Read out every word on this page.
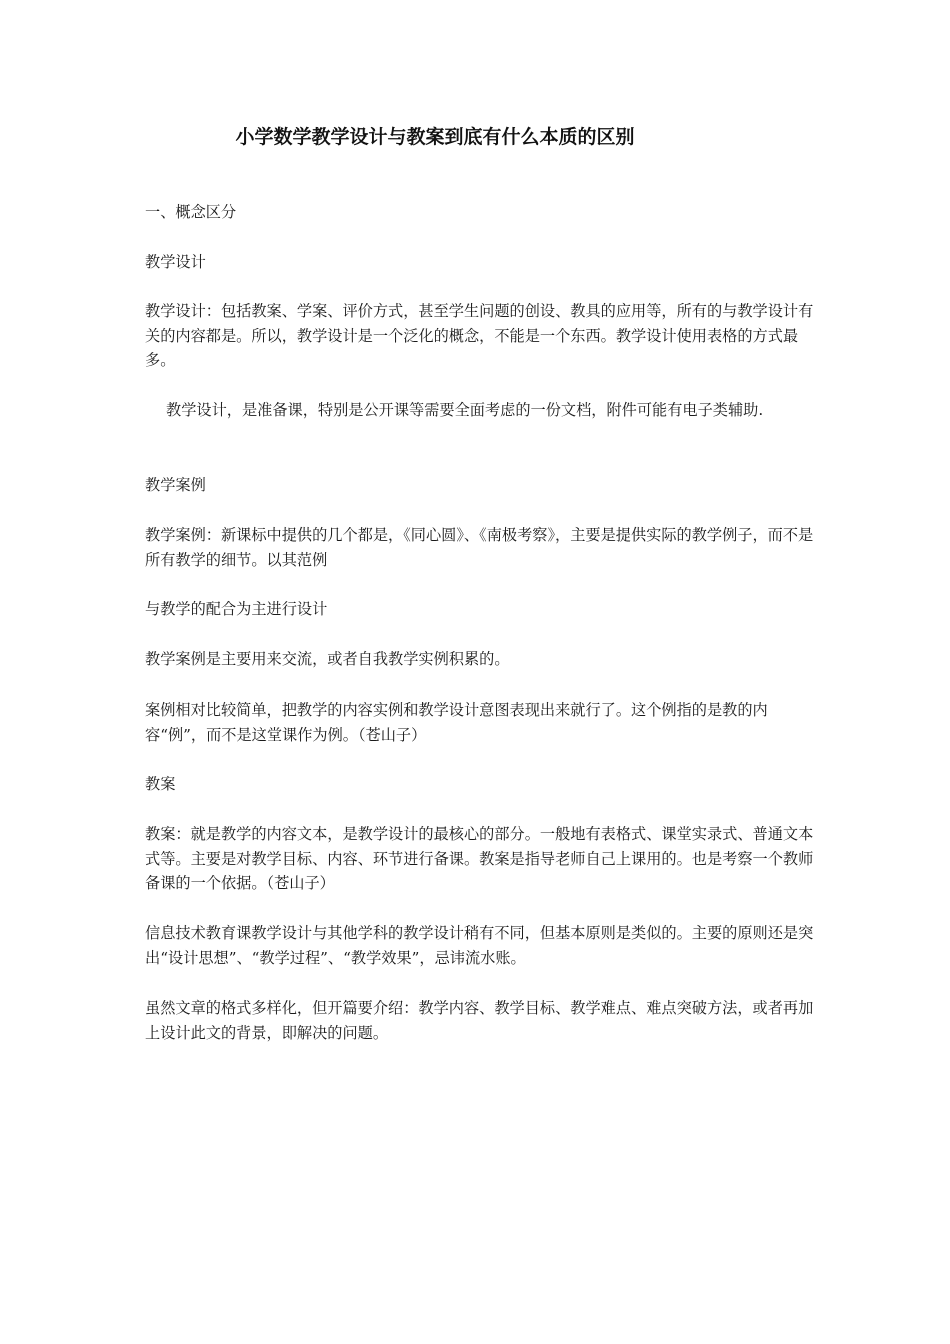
小学数学教学设计与教案到底有什么本质的区别

一、概念区分

教学设计

教学设计：包括教案、学案、评价方式，甚至学生问题的创设、教具的应用等，所有的与教学设计有关的内容都是。所以，教学设计是一个泛化的概念，不能是一个东西。教学设计使用表格的方式最多。

教学设计，是准备课，特别是公开课等需要全面考虑的一份文档，附件可能有电子类辅助.

教学案例

教学案例：新课标中提供的几个都是，《同心圆》、《南极考察》，主要是提供实际的教学例子，而不是所有教学的细节。以其范例

与教学的配合为主进行设计

教学案例是主要用来交流，或者自我教学实例积累的。

案例相对比较简单，把教学的内容实例和教学设计意图表现出来就行了。这个例指的是教的内容“例”，而不是这堂课作为例。（苍山子）

教案

教案：就是教学的内容文本，是教学设计的最核心的部分。一般地有表格式、课堂实录式、普通文本式等。主要是对教学目标、内容、环节进行备课。教案是指导老师自己上课用的。也是考察一个教师备课的一个依据。（苍山子）

信息技术教育课教学设计与其他学科的教学设计稍有不同，但基本原则是类似的。主要的原则还是突出“设计思想”、“教学过程”、“教学效果”，忌讳流水账。

虽然文章的格式多样化，但开篇要介绍：教学内容、教学目标、教学难点、难点突破方法，或者再加上设计此文的背景，即解决的问题。
